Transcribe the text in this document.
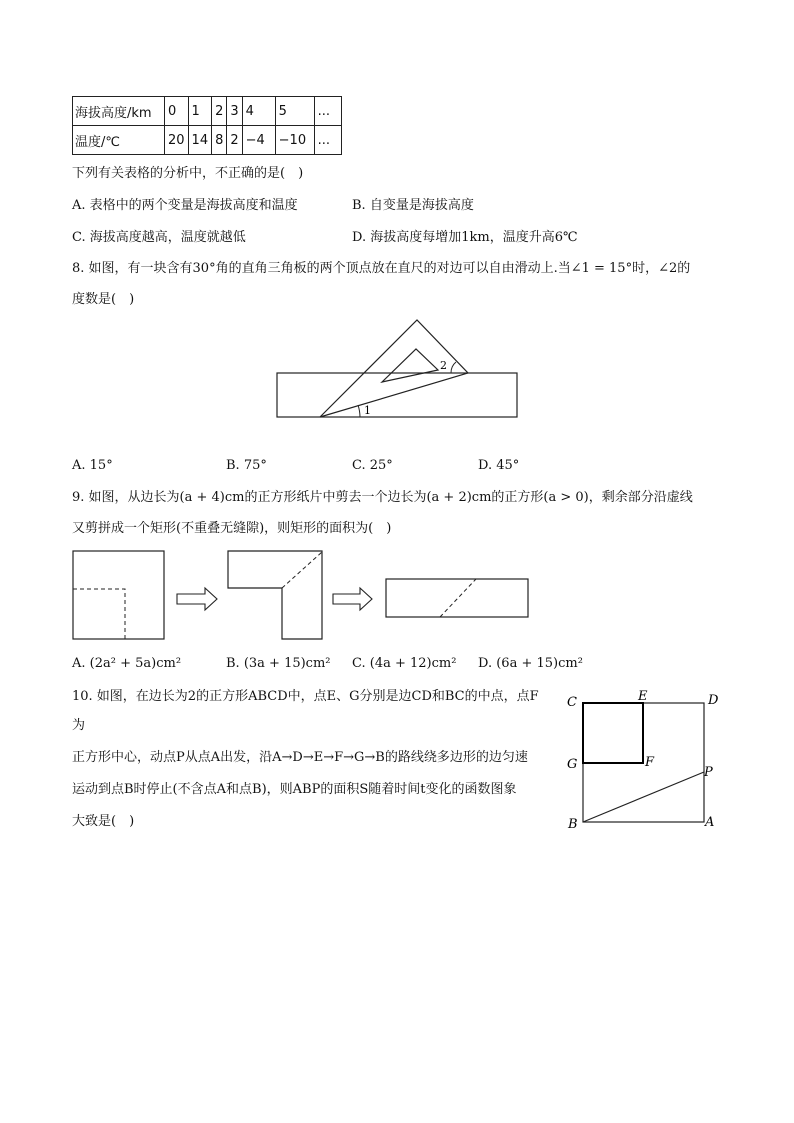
海拔高度/km	0	1	2	3	4	5	...
温度/℃	20	14	8	2	−4	−10	...
下列有关表格的分析中，不正确的是(　)
A. 表格中的两个变量是海拔高度和温度	B. 自变量是海拔高度
C. 海拔高度越高，温度就越低	D. 海拔高度每增加1km，温度升高6℃
8. 如图，有一块含有30°角的直角三角板的两个顶点放在直尺的对边可以自由滑动上.当∠1 = 15°时，∠2的
度数是(　)
1
2
A. 15°	B. 75°	C. 25°	D. 45°
9. 如图，从边长为(a + 4)cm的正方形纸片中剪去一个边长为(a + 2)cm的正方形(a > 0)，剩余部分沿虚线
又剪拼成一个矩形(不重叠无缝隙)，则矩形的面积为(　)
A. (2a² + 5a)cm²	B. (3a + 15)cm² C. (4a + 12)cm² D. (6a + 15)cm²
10. 如图，在边长为2的正方形ABCD中，点E、G分别是边CD和BC的中点，点F
为
正方形中心，动点P从点A出发，沿A→D→E→F→G→B的路线绕多边形的边匀速
运动到点B时停止(不含点A和点B)，则ABP的面积S随着时间t变化的函数图象
大致是(　)
C	E	D
G	F
P
B	A
